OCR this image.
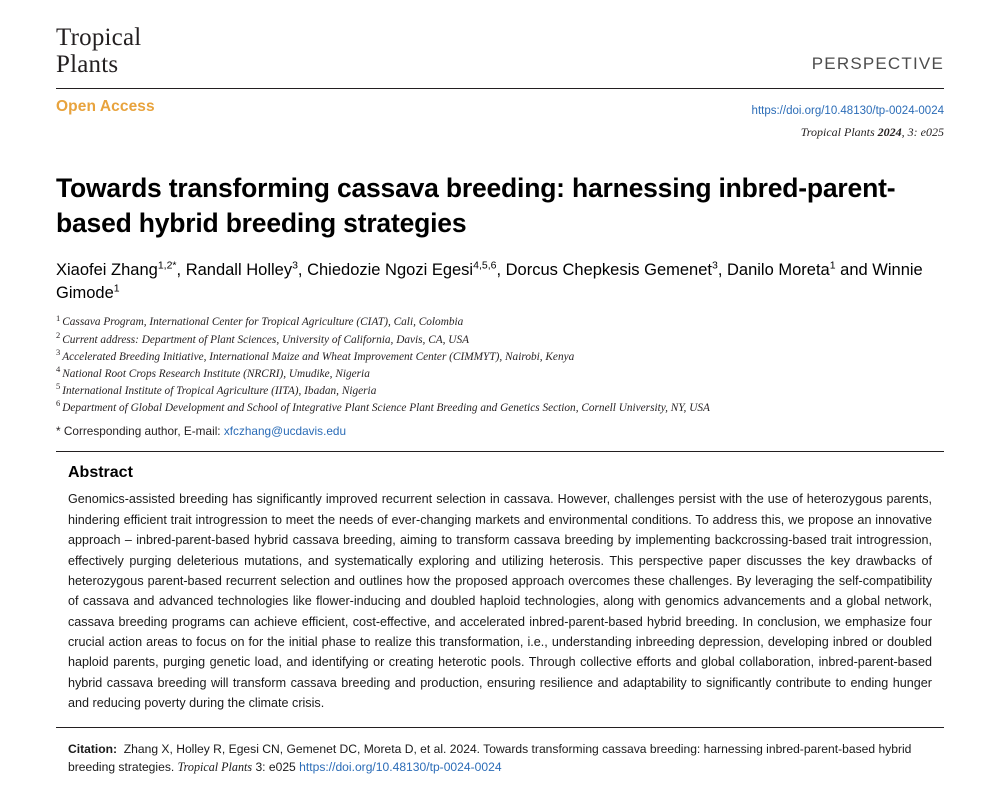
Tropical
Plants	PERSPECTIVE
Open Access	https://doi.org/10.48130/tp-0024-0024
Tropical Plants 2024, 3: e025
Towards transforming cassava breeding: harnessing inbred-parent-based hybrid breeding strategies
Xiaofei Zhang$^{1,2*}$, Randall Holley$^3$, Chiedozie Ngozi Egesi$^{4,5,6}$, Dorcus Chepkesis Gemenet$^3$, Danilo Moreta$^1$ and Winnie Gimode$^1$
$^1$ Cassava Program, International Center for Tropical Agriculture (CIAT), Cali, Colombia
$^2$ Current address: Department of Plant Sciences, University of California, Davis, CA, USA
$^3$ Accelerated Breeding Initiative, International Maize and Wheat Improvement Center (CIMMYT), Nairobi, Kenya
$^4$ National Root Crops Research Institute (NRCRI), Umudike, Nigeria
$^5$ International Institute of Tropical Agriculture (IITA), Ibadan, Nigeria
$^6$ Department of Global Development and School of Integrative Plant Science Plant Breeding and Genetics Section, Cornell University, NY, USA
* Corresponding author, E-mail: xfczhang@ucdavis.edu
Abstract
Genomics-assisted breeding has significantly improved recurrent selection in cassava. However, challenges persist with the use of heterozygous parents, hindering efficient trait introgression to meet the needs of ever-changing markets and environmental conditions. To address this, we propose an innovative approach – inbred-parent-based hybrid cassava breeding, aiming to transform cassava breeding by implementing backcrossing-based trait introgression, effectively purging deleterious mutations, and systematically exploring and utilizing heterosis. This perspective paper discusses the key drawbacks of heterozygous parent-based recurrent selection and outlines how the proposed approach overcomes these challenges. By leveraging the self-compatibility of cassava and advanced technologies like flower-inducing and doubled haploid technologies, along with genomics advancements and a global network, cassava breeding programs can achieve efficient, cost-effective, and accelerated inbred-parent-based hybrid breeding. In conclusion, we emphasize four crucial action areas to focus on for the initial phase to realize this transformation, i.e., understanding inbreeding depression, developing inbred or doubled haploid parents, purging genetic load, and identifying or creating heterotic pools. Through collective efforts and global collaboration, inbred-parent-based hybrid cassava breeding will transform cassava breeding and production, ensuring resilience and adaptability to significantly contribute to ending hunger and reducing poverty during the climate crisis.
Citation: Zhang X, Holley R, Egesi CN, Gemenet DC, Moreta D, et al. 2024. Towards transforming cassava breeding: harnessing inbred-parent-based hybrid breeding strategies. Tropical Plants 3: e025 https://doi.org/10.48130/tp-0024-0024
